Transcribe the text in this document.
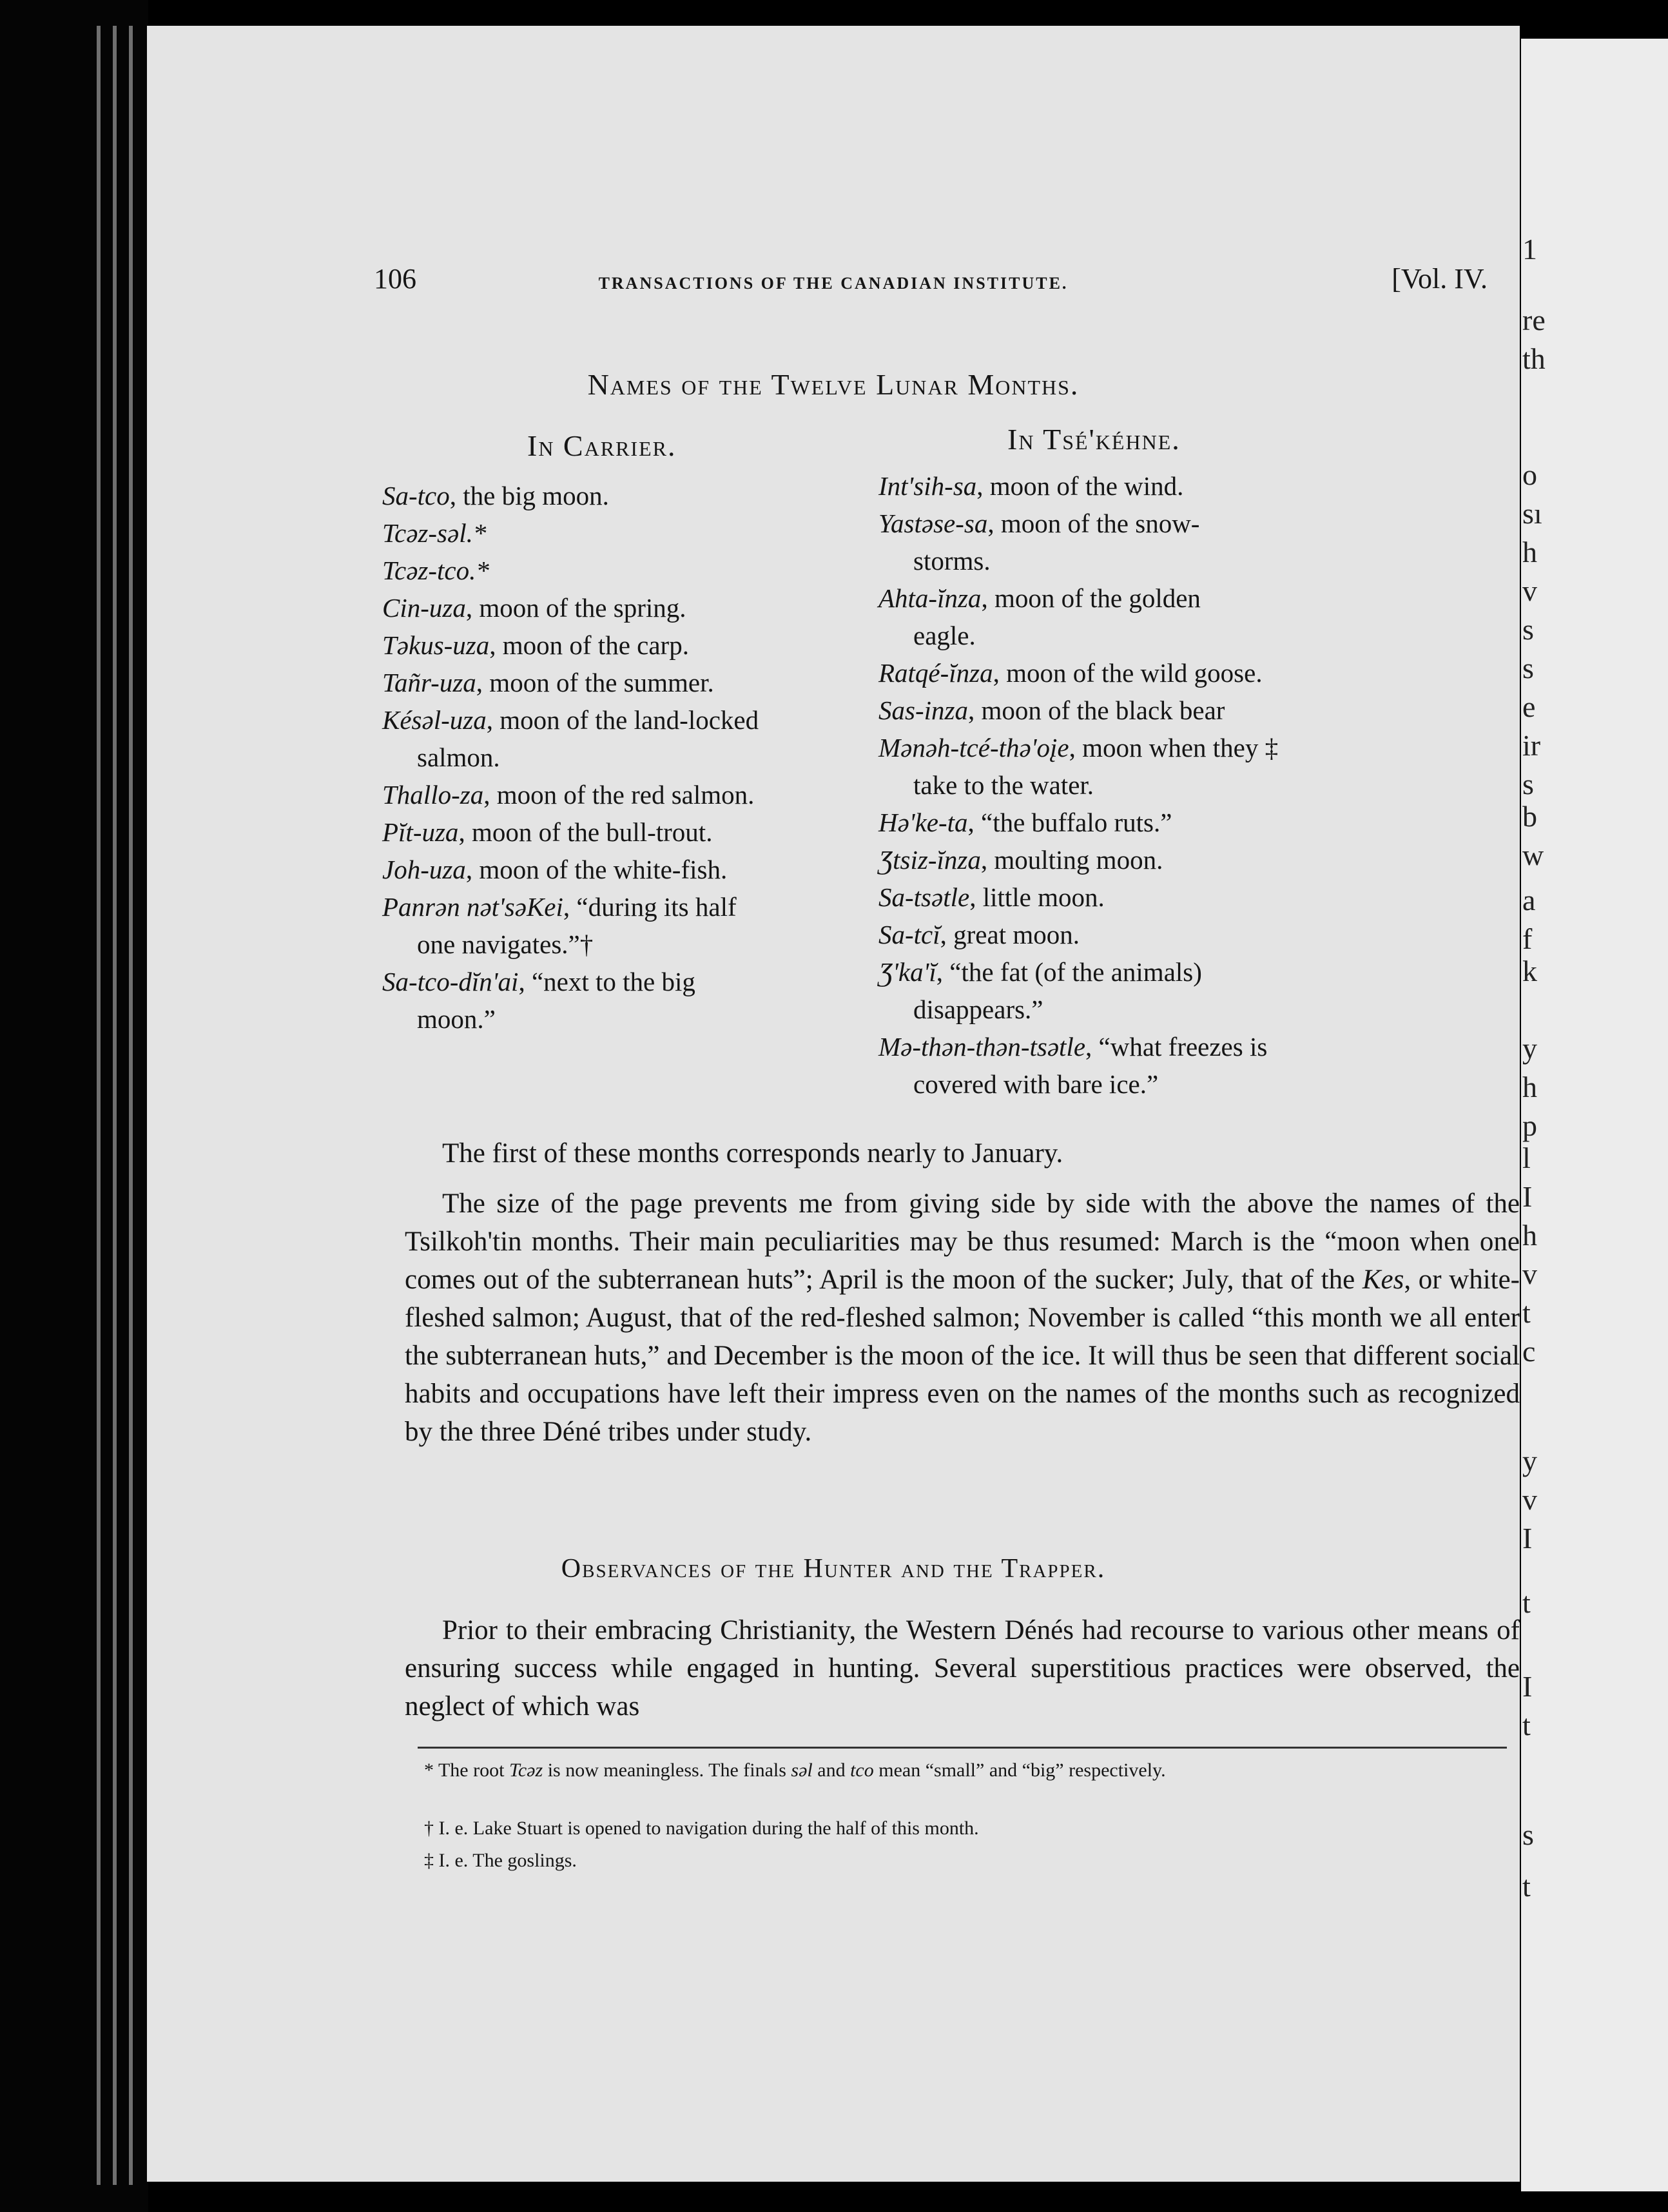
106	TRANSACTIONS OF THE CANADIAN INSTITUTE.	[Vol. IV.
Names of the Twelve Lunar Months.
In Carrier.	In Tsé'kéhne.
Sa-tco, the big moon.
Tcəz-səl.*
Tcəz-tco.*
Cin-uza, moon of the spring.
Təkus-uza, moon of the carp.
Tañr-uza, moon of the summer.
Késəl-uza, moon of the land-locked
salmon.
Thallo-za, moon of the red salmon.
Pĭt-uza, moon of the bull-trout.
Joh-uza, moon of the white-fish.
Panrən nət'səKei, “during its half
one navigates.”†
Sa-tco-dĭn'ai, “next to the big
moon.”
Int'sih-sa, moon of the wind.
Yastəse-sa, moon of the snow-
storms.
Ahta-ĭnza, moon of the golden
eagle.
Ratqé-ĭnza, moon of the wild goose.
Sas-inza, moon of the black bear
Mənəh-tcé-thə'oįe, moon when they ‡
take to the water.
Hə'ke-ta, “the buffalo ruts.”
Ʒtsiz-ĭnza, moulting moon.
Sa-tsətle, little moon.
Sa-tcĭ, great moon.
Ʒ'ka'ĭ, “the fat (of the animals)
disappears.”
Mə-thən-thən-tsətle, “what freezes is
covered with bare ice.”
The first of these months corresponds nearly to January.
The size of the page prevents me from giving side by side with the above the names of the Tsilkoh'tin months. Their main peculiarities may be thus resumed: March is the “moon when one comes out of the subterranean huts”; April is the moon of the sucker; July, that of the Kes, or white-fleshed salmon; August, that of the red-fleshed salmon; November is called “this month we all enter the subterranean huts,” and December is the moon of the ice. It will thus be seen that different social habits and occupations have left their impress even on the names of the months such as recognized by the three Déné tribes under study.
Observances of the Hunter and the Trapper.
Prior to their embracing Christianity, the Western Dénés had recourse to various other means of ensuring success while engaged in hunting. Several superstitious practices were observed, the neglect of which was
* The root Tcəz is now meaningless. The finals səl and tco mean “small” and “big” respectively.
† I. e. Lake Stuart is opened to navigation during the half of this month.
‡ I. e. The goslings.
1
re
th
o
sı
h
v
s
s
e
ir
s
b
w
a
f
k
y
h
p
l
I
h
v
t
c
y
v
I
t
I
t
s
t
